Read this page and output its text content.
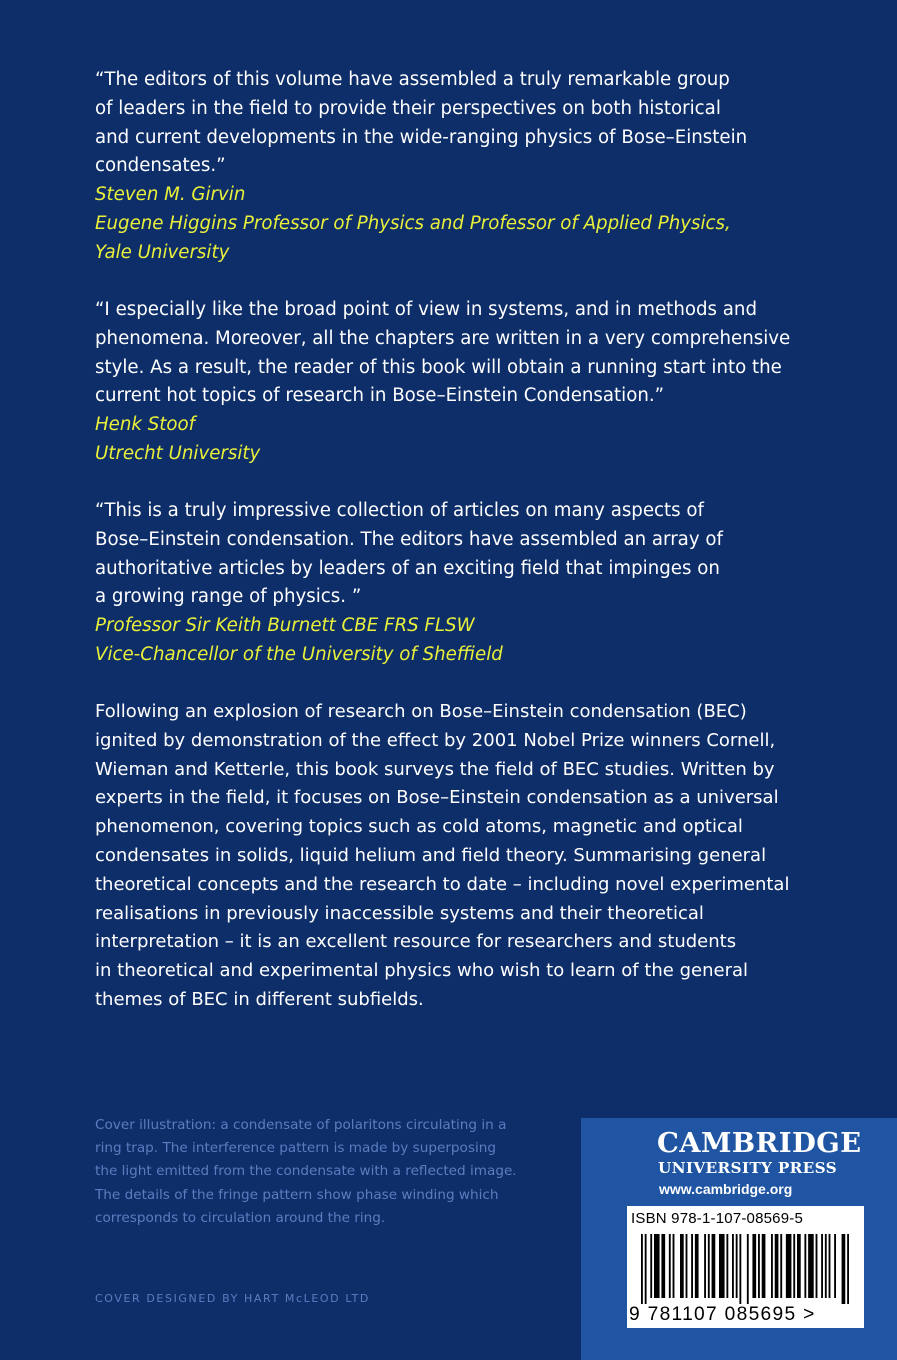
“The editors of this volume have assembled a truly remarkable group
of leaders in the field to provide their perspectives on both historical
and current developments in the wide-ranging physics of Bose–Einstein
condensates.”
Steven M. Girvin
Eugene Higgins Professor of Physics and Professor of Applied Physics,
Yale University
“I especially like the broad point of view in systems, and in methods and
phenomena. Moreover, all the chapters are written in a very comprehensive
style. As a result, the reader of this book will obtain a running start into the
current hot topics of research in Bose–Einstein Condensation.”
Henk Stoof
Utrecht University
“This is a truly impressive collection of articles on many aspects of
Bose–Einstein condensation. The editors have assembled an array of
authoritative articles by leaders of an exciting field that impinges on
a growing range of physics. ”
Professor Sir Keith Burnett CBE FRS FLSW
Vice-Chancellor of the University of Sheffield
Following an explosion of research on Bose–Einstein condensation (BEC)
ignited by demonstration of the effect by 2001 Nobel Prize winners Cornell,
Wieman and Ketterle, this book surveys the field of BEC studies. Written by
experts in the field, it focuses on Bose–Einstein condensation as a universal
phenomenon, covering topics such as cold atoms, magnetic and optical
condensates in solids, liquid helium and field theory. Summarising general
theoretical concepts and the research to date – including novel experimental
realisations in previously inaccessible systems and their theoretical
interpretation – it is an excellent resource for researchers and students
in theoretical and experimental physics who wish to learn of the general
themes of BEC in different subfields.
Cover illustration: a condensate of polaritons circulating in a
ring trap. The interference pattern is made by superposing
the light emitted from the condensate with a reflected image.
The details of the fringe pattern show phase winding which
corresponds to circulation around the ring.
COVER DESIGNED BY HART McLEOD LTD
CAMBRIDGE
UNIVERSITY PRESS
www.cambridge.org
ISBN 978-1-107-08569-5
9 781107 085695 >
